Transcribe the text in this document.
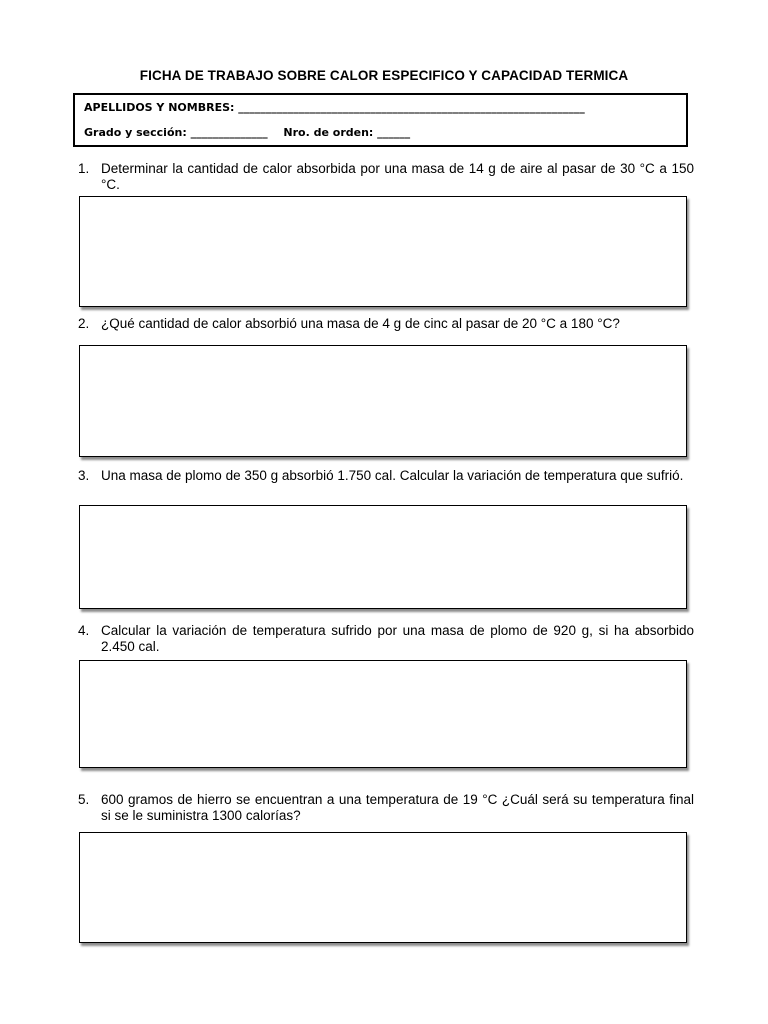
FICHA DE TRABAJO SOBRE CALOR ESPECIFICO Y CAPACIDAD TERMICA
APELLIDOS Y NOMBRES: _______________________________________________________________
Grado y sección: ______________ Nro. de orden: ______
1. Determinar la cantidad de calor absorbida por una masa de 14 g de aire al pasar de 30 °C a 150 °C.
2. ¿Qué cantidad de calor absorbió una masa de 4 g de cinc al pasar de 20 °C a 180 °C?
3. Una masa de plomo de 350 g absorbió 1.750 cal. Calcular la variación de temperatura que sufrió.
4. Calcular la variación de temperatura sufrido por una masa de plomo de 920 g, si ha absorbido 2.450 cal.
5. 600 gramos de hierro se encuentran a una temperatura de 19 °C ¿Cuál será su temperatura final si se le suministra 1300 calorías?
